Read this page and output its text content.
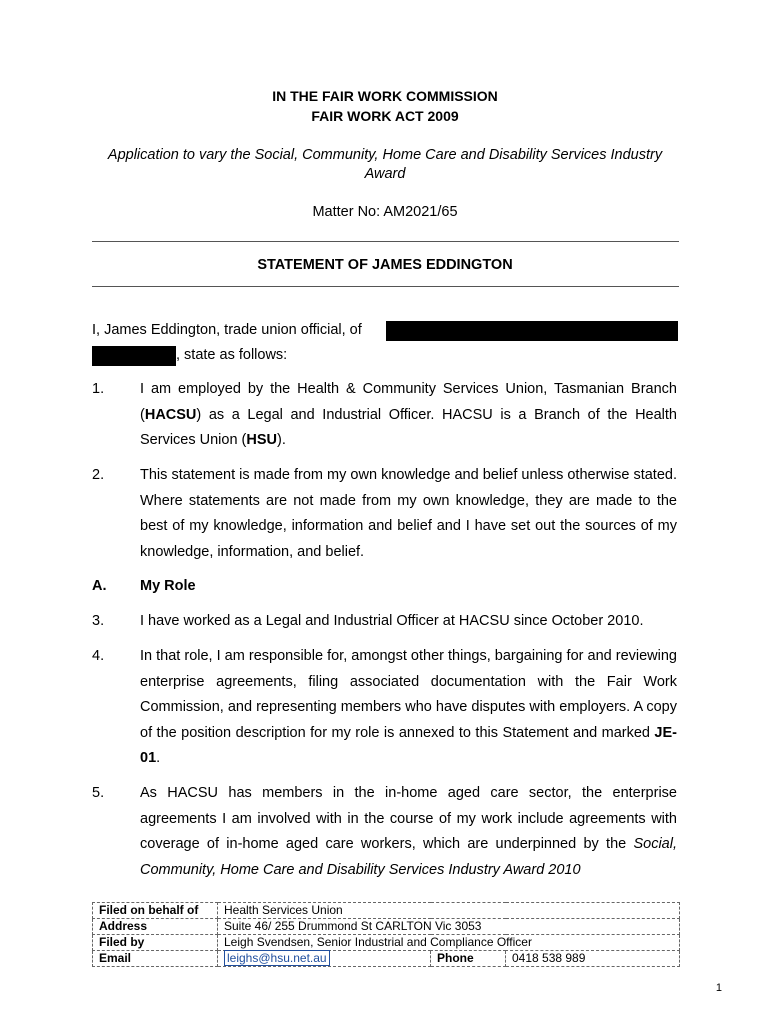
IN THE FAIR WORK COMMISSION
FAIR WORK ACT 2009
Application to vary the Social, Community, Home Care and Disability Services Industry Award
Matter No: AM2021/65
STATEMENT OF JAMES EDDINGTON
I, James Eddington, trade union official, of
, state as follows:
1. I am employed by the Health & Community Services Union, Tasmanian Branch (HACSU) as a Legal and Industrial Officer. HACSU is a Branch of the Health Services Union (HSU).
2. This statement is made from my own knowledge and belief unless otherwise stated. Where statements are not made from my own knowledge, they are made to the best of my knowledge, information and belief and I have set out the sources of my knowledge, information, and belief.
A. My Role
3. I have worked as a Legal and Industrial Officer at HACSU since October 2010.
4. In that role, I am responsible for, amongst other things, bargaining for and reviewing enterprise agreements, filing associated documentation with the Fair Work Commission, and representing members who have disputes with employers. A copy of the position description for my role is annexed to this Statement and marked JE-01.
5. As HACSU has members in the in-home aged care sector, the enterprise agreements I am involved with in the course of my work include agreements with coverage of in-home aged care workers, which are underpinned by the Social, Community, Home Care and Disability Services Industry Award 2010
Filed on behalf of	Health Services Union		
Address	Suite 46/ 255 Drummond St CARLTON Vic 3053		
Filed by	Leigh Svendsen, Senior Industrial and Compliance Officer		
Email	leighs@hsu.net.au	Phone	0418 538 989
1
